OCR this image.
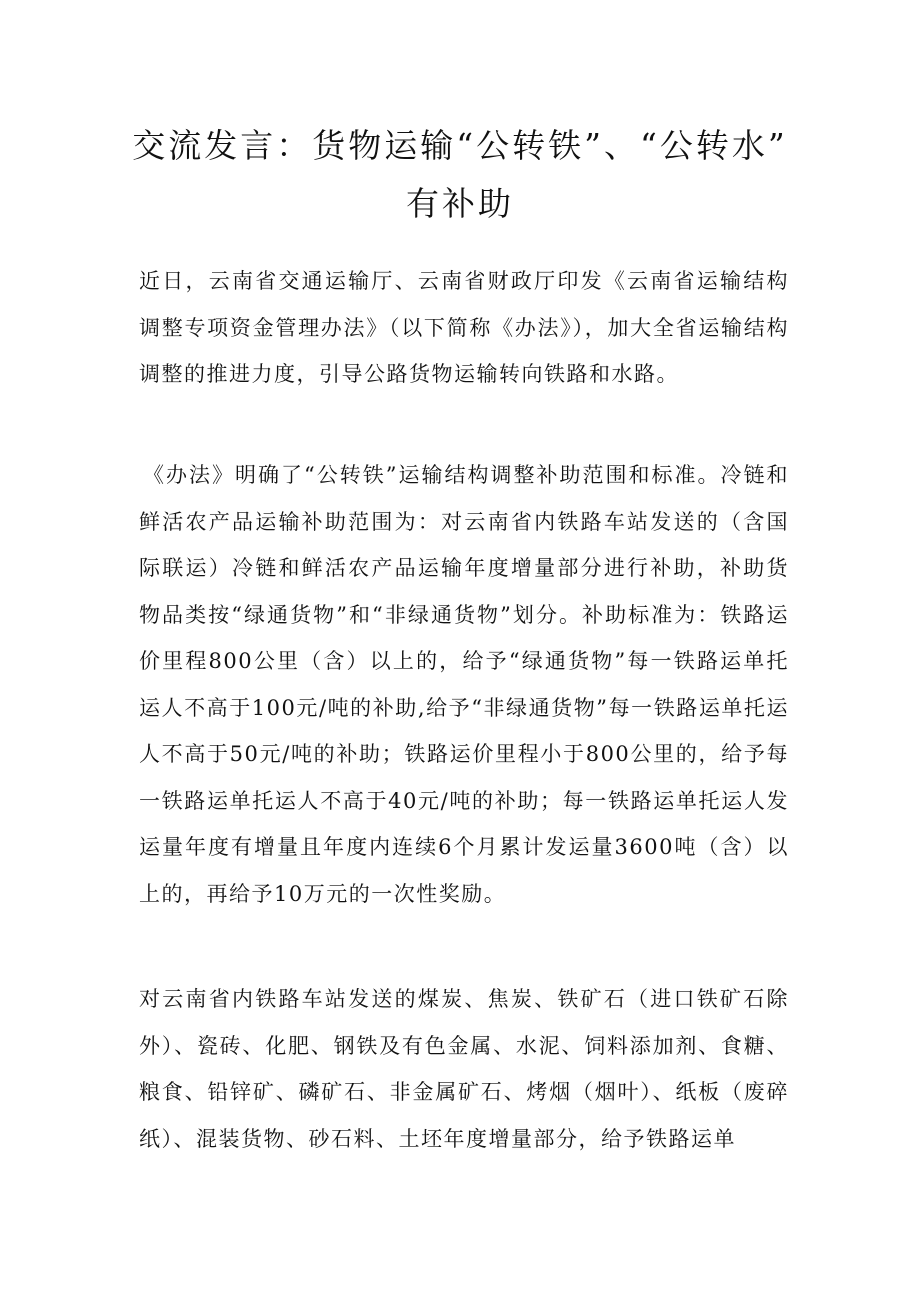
交流发言：货物运输“公转铁”、“公转水”
有补助

近日，云南省交通运输厅、云南省财政厅印发《云南省运输结构调整专项资金管理办法》（以下简称《办法》），加大全省运输结构调整的推进力度，引导公路货物运输转向铁路和水路。

《办法》明确了“公转铁”运输结构调整补助范围和标准。冷链和鲜活农产品运输补助范围为：对云南省内铁路车站发送的（含国际联运）冷链和鲜活农产品运输年度增量部分进行补助，补助货物品类按“绿通货物”和“非绿通货物”划分。补助标准为：铁路运价里程800公里（含）以上的，给予“绿通货物”每一铁路运单托运人不高于100元/吨的补助,给予“非绿通货物”每一铁路运单托运人不高于50元/吨的补助；铁路运价里程小于800公里的，给予每一铁路运单托运人不高于40元/吨的补助；每一铁路运单托运人发运量年度有增量且年度内连续6个月累计发运量3600吨（含）以上的，再给予10万元的一次性奖励。

对云南省内铁路车站发送的煤炭、焦炭、铁矿石（进口铁矿石除外）、瓷砖、化肥、钢铁及有色金属、水泥、饲料添加剂、食糖、粮食、铅锌矿、磷矿石、非金属矿石、烤烟（烟叶）、纸板（废碎纸）、混装货物、砂石料、土坯年度增量部分，给予铁路运单
